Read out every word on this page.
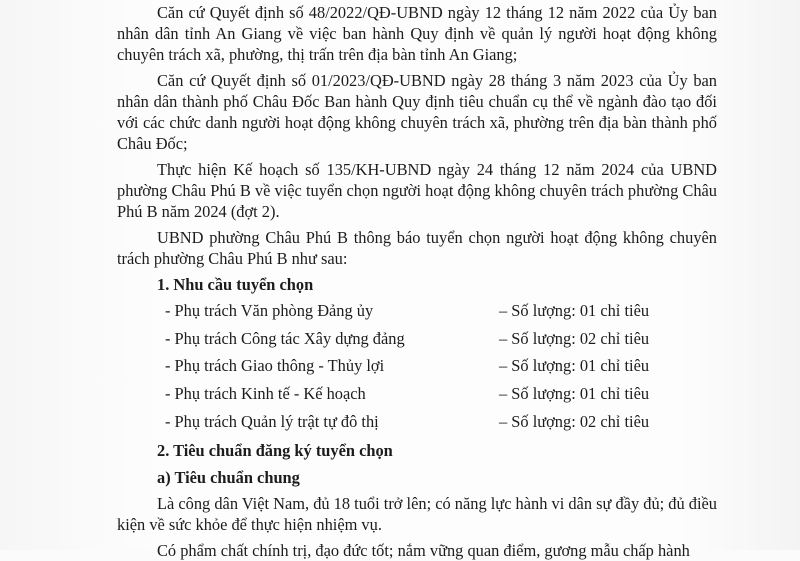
Căn cứ Quyết định số 48/2022/QĐ-UBND ngày 12 tháng 12 năm 2022 của Ủy ban nhân dân tỉnh An Giang về việc ban hành Quy định về quản lý người hoạt động không chuyên trách xã, phường, thị trấn trên địa bàn tỉnh An Giang;

Căn cứ Quyết định số 01/2023/QĐ-UBND ngày 28 tháng 3 năm 2023 của Ủy ban nhân dân thành phố Châu Đốc Ban hành Quy định tiêu chuẩn cụ thể về ngành đào tạo đối với các chức danh người hoạt động không chuyên trách xã, phường trên địa bàn thành phố Châu Đốc;

Thực hiện Kế hoạch số 135/KH-UBND ngày 24 tháng 12 năm 2024 của UBND phường Châu Phú B về việc tuyển chọn người hoạt động không chuyên trách phường Châu Phú B năm 2024 (đợt 2).

UBND phường Châu Phú B thông báo tuyển chọn người hoạt động không chuyên trách phường Châu Phú B như sau:

1. Nhu cầu tuyển chọn
- Phụ trách Văn phòng Đảng ủy	– Số lượng: 01 chỉ tiêu
- Phụ trách Công tác Xây dựng đảng	– Số lượng: 02 chỉ tiêu
- Phụ trách Giao thông - Thủy lợi	– Số lượng: 01 chỉ tiêu
- Phụ trách Kinh tế - Kế hoạch	– Số lượng: 01 chỉ tiêu
- Phụ trách Quản lý trật tự đô thị	– Số lượng: 02 chỉ tiêu
2. Tiêu chuẩn đăng ký tuyển chọn
a) Tiêu chuẩn chung

Là công dân Việt Nam, đủ 18 tuổi trở lên; có năng lực hành vi dân sự đầy đủ; đủ điều kiện về sức khỏe để thực hiện nhiệm vụ.

Có phẩm chất chính trị, đạo đức tốt; nắm vững quan điểm, gương mẫu chấp hành
